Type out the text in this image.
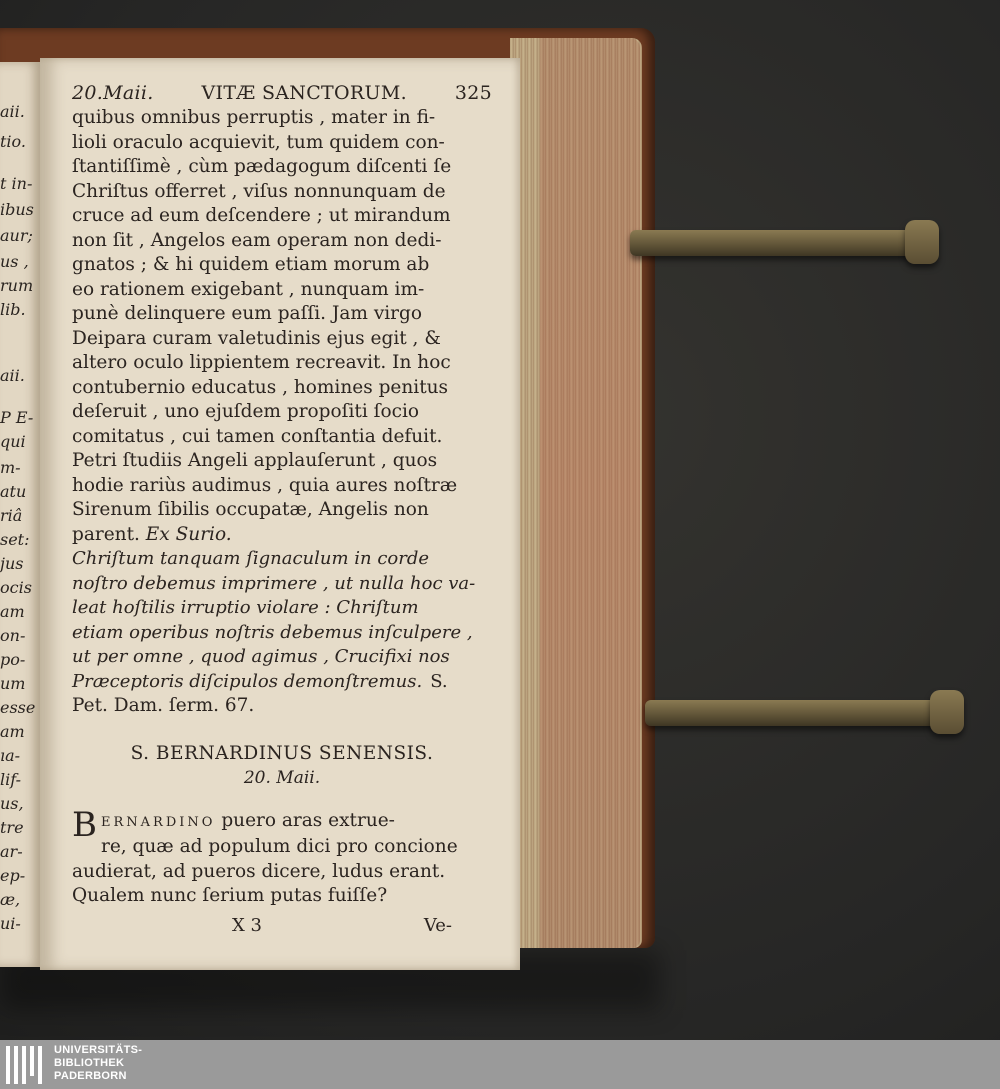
aii.
tio.
t in-
ibus
aur;
us ,
rum
lib.
aii.
P E-
qui
m-
atu
riâ
set:
jus
ocis
am
on-
po-
um
esse
am
ıa-
lif-
us,
tre
ar-
ep-
æ,
ui-
20.Maii.	VITÆ SANCTORUM.	325
quibus omnibus perruptis , mater in fi-
lioli oraculo acquievit, tum quidem con-
ſtantiſſimè , cùm pædagogum diſcenti ſe
Chriſtus offerret , viſus nonnunquam de
cruce ad eum deſcendere ; ut mirandum
non ſit , Angelos eam operam non dedi-
gnatos ; & hi quidem etiam morum ab
eo rationem exigebant , nunquam im-
punè delinquere eum paſſi. Jam virgo
Deipara curam valetudinis ejus egit , &
altero oculo lippientem recreavit. In hoc
contubernio educatus , homines penitus
deſeruit , uno ejuſdem propoſiti ſocio
comitatus , cui tamen conſtantia defuit.
Petri ſtudiis Angeli applauſerunt , quos
hodie rariùs audimus , quia aures noſtræ
Sirenum ſibilis occupatæ, Angelis non
parent. Ex Surio.
Chriſtum tanquam ſignaculum in corde
noſtro debemus imprimere , ut nulla hoc va-
leat hoſtilis irruptio violare : Chriſtum
etiam operibus noſtris debemus inſculpere ,
ut per omne , quod agimus , Crucifixi nos
Præceptoris diſcipulos demonſtremus. S.
Pet. Dam. ſerm. 67.
S. BERNARDINUS SENENSIS.
20. Maii.
B ERNARDINO puero aras extrue-
re, quæ ad populum dici pro concione
audierat, ad pueros dicere, ludus erant.
Qualem nunc ſerium putas fuiſſe?
X 3	Ve-
UNIVERSITÄTS-
BIBLIOTHEK
PADERBORN
